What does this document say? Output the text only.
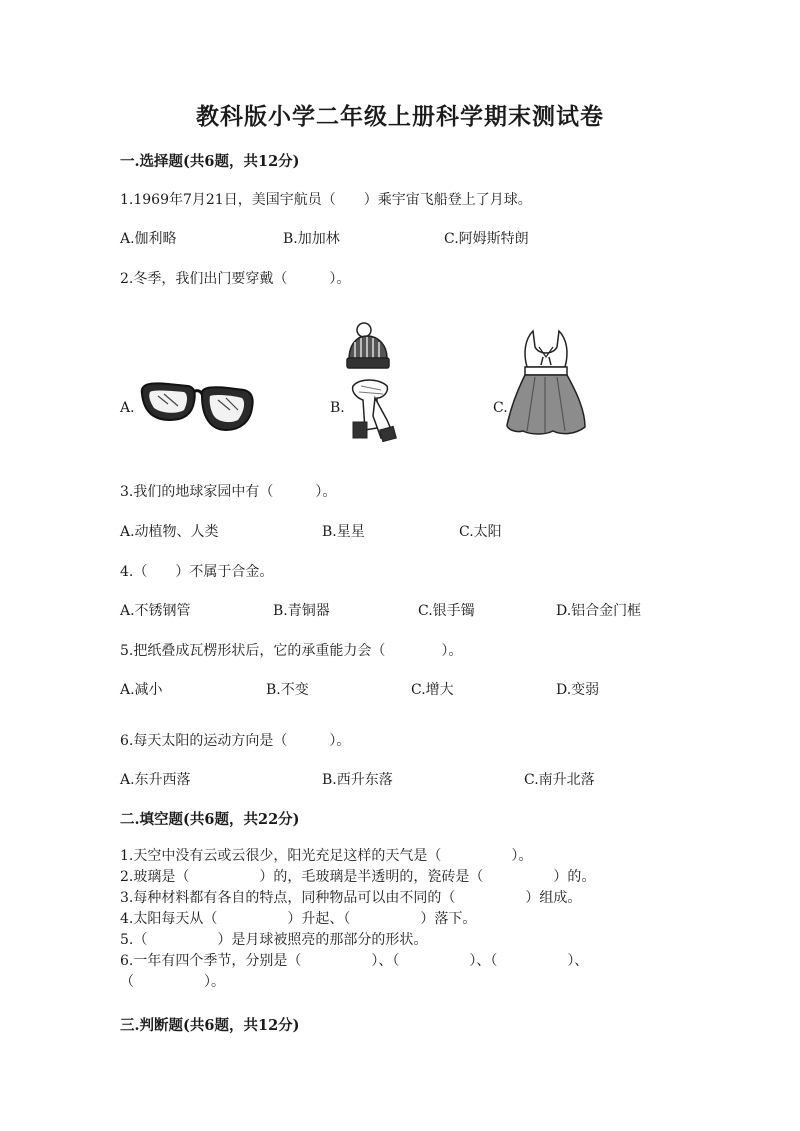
教科版小学二年级上册科学期末测试卷
一.选择题(共6题，共12分)
1.1969年7月21日，美国宇航员（　　）乘宇宙飞船登上了月球。
A.伽利略	B.加加林	C.阿姆斯特朗
2.冬季，我们出门要穿戴（　　　）。
A.	B.	C.
3.我们的地球家园中有（　　　）。
A.动植物、人类	B.星星	C.太阳
4.（　　）不属于合金。
A.不锈钢管	B.青铜器	C.银手镯	D.铝合金门框
5.把纸叠成瓦楞形状后，它的承重能力会（　　　　）。
A.减小	B.不变	C.增大	D.变弱
6.每天太阳的运动方向是（　　　）。
A.东升西落	B.西升东落	C.南升北落
二.填空题(共6题，共22分)
1.天空中没有云或云很少，阳光充足这样的天气是（　　　　　）。
2.玻璃是（　　　　　）的，毛玻璃是半透明的，瓷砖是（　　　　　）的。
3.每种材料都有各自的特点，同种物品可以由不同的（　　　　　）组成。
4.太阳每天从（　　　　　）升起、（　　　　　）落下。
5.（　　　　　）是月球被照亮的那部分的形状。
6.一年有四个季节，分别是（　　　　　）、（　　　　　）、（　　　　　）、
（　　　　　）。
三.判断题(共6题，共12分)
